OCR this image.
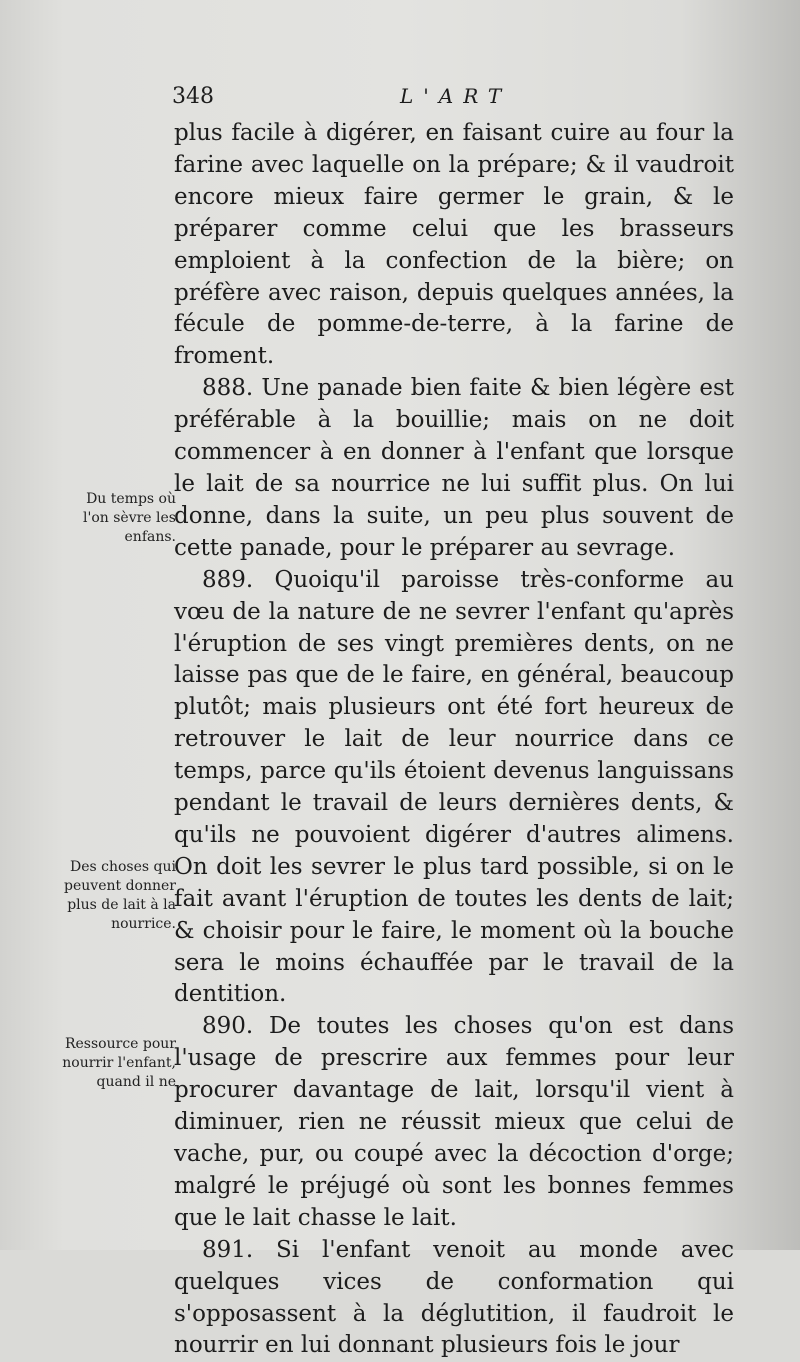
348	L'ART

plus facile à digérer, en faisant cuire au four la farine avec laquelle on la prépare; & il vaudroit encore mieux faire germer le grain, & le préparer comme celui que les brasseurs emploient à la confection de la bière; on préfère avec raison, depuis quelques années, la fécule de pomme-de-terre, à la farine de froment.

888. Une panade bien faite & bien légère est préférable à la bouillie; mais on ne doit commencer à en donner à l'enfant que lorsque le lait de sa nourrice ne lui suffit plus. On lui donne, dans la suite, un peu plus souvent de cette panade, pour le préparer au sevrage.

889. Quoiqu'il paroisse très-conforme au vœu de la nature de ne sevrer l'enfant qu'après l'éruption de ses vingt premières dents, on ne laisse pas que de le faire, en général, beaucoup plutôt; mais plusieurs ont été fort heureux de retrouver le lait de leur nourrice dans ce temps, parce qu'ils étoient devenus languissans pendant le travail de leurs dernières dents, & qu'ils ne pouvoient digérer d'autres alimens. On doit les sevrer le plus tard possible, si on le fait avant l'éruption de toutes les dents de lait; & choisir pour le faire, le moment où la bouche sera le moins échauffée par le travail de la dentition.

890. De toutes les choses qu'on est dans l'usage de prescrire aux femmes pour leur procurer davantage de lait, lorsqu'il vient à diminuer, rien ne réussit mieux que celui de vache, pur, ou coupé avec la décoction d'orge; malgré le préjugé où sont les bonnes femmes que le lait chasse le lait.

891. Si l'enfant venoit au monde avec quelques vices de conformation qui s'opposassent à la déglutition, il faudroit le nourrir en lui donnant plusieurs fois le jour

Du temps où l'on sèvre les enfans.
Des choses qui peuvent donner plus de lait à la nourrice.
Ressource pour nourrir l'enfant, quand il ne
